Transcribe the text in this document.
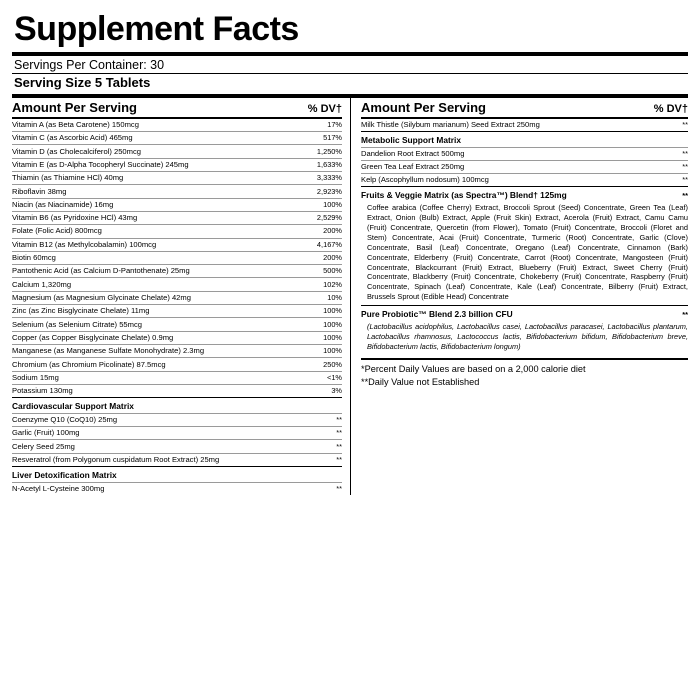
Supplement Facts
Servings Per Container: 30
Serving Size 5 Tablets
Amount Per Serving	% DV†
Vitamin A (as Beta Carotene) 150mcg	17%
Vitamin C (as Ascorbic Acid) 465mg	517%
Vitamin D (as Cholecalciferol) 250mcg	1,250%
Vitamin E (as D-Alpha Tocopheryl Succinate) 245mg	1,633%
Thiamin (as Thiamine HCl) 40mg	3,333%
Riboflavin 38mg	2,923%
Niacin (as Niacinamide) 16mg	100%
Vitamin B6 (as Pyridoxine HCl) 43mg	2,529%
Folate (Folic Acid) 800mcg	200%
Vitamin B12 (as Methylcobalamin) 100mcg	4,167%
Biotin 60mcg	200%
Pantothenic Acid (as Calcium D-Pantothenate) 25mg	500%
Calcium 1,320mg	102%
Magnesium (as Magnesium Glycinate Chelate) 42mg	10%
Zinc (as Zinc Bisglycinate Chelate) 11mg	100%
Selenium (as Selenium Citrate) 55mcg	100%
Copper (as Copper Bisglycinate Chelate) 0.9mg	100%
Manganese (as Manganese Sulfate Monohydrate) 2.3mg	100%
Chromium (as Chromium Picolinate) 87.5mcg	250%
Sodium 15mg	<1%
Potassium 130mg	3%
Cardiovascular Support Matrix
Coenzyme Q10 (CoQ10) 25mg	**
Garlic (Fruit) 100mg	**
Celery Seed 25mg	**
Resveratrol (from Polygonum cuspidatum Root Extract) 25mg	**
Liver Detoxification Matrix
N-Acetyl L-Cysteine 300mg	**
Amount Per Serving	% DV†
Milk Thistle (Silybum marianum) Seed Extract 250mg	**
Metabolic Support Matrix
Dandelion Root Extract 500mg	**
Green Tea Leaf Extract 250mg	**
Kelp (Ascophyllum nodosum) 100mcg	**
Fruits & Veggie Matrix (as Spectra™) Blend† 125mg	**
Coffee arabica (Coffee Cherry) Extract, Broccoli Sprout (Seed) Concentrate, Green Tea (Leaf) Extract, Onion (Bulb) Extract, Apple (Fruit Skin) Extract, Acerola (Fruit) Extract, Camu Camu (Fruit) Concentrate, Quercetin (from Flower), Tomato (Fruit) Concentrate, Broccoli (Floret and Stem) Concentrate, Acai (Fruit) Concentrate, Turmeric (Root) Concentrate, Garlic (Clove) Concentrate, Basil (Leaf) Concentrate, Oregano (Leaf) Concentrate, Cinnamon (Bark) Concentrate, Elderberry (Fruit) Concentrate, Carrot (Root) Concentrate, Mangosteen (Fruit) Concentrate, Blackcurrant (Fruit) Extract, Blueberry (Fruit) Extract, Sweet Cherry (Fruit) Concentrate, Blackberry (Fruit) Concentrate, Chokeberry (Fruit) Concentrate, Raspberry (Fruit) Concentrate, Spinach (Leaf) Concentrate, Kale (Leaf) Concentrate, Bilberry (Fruit) Extract, Brussels Sprout (Edible Head) Concentrate
Pure Probiotic™ Blend 2.3 billion CFU	**
(Lactobacillus acidophilus, Lactobacillus casei, Lactobacillus paracasei, Lactobacillus plantarum, Lactobacillus rhamnosus, Lactococcus lactis, Bifidobacterium bifidum, Bifidobacterium breve, Bifidobacterium lactis, Bifidobacterium longum)
*Percent Daily Values are based on a 2,000 calorie diet
**Daily Value not Established
